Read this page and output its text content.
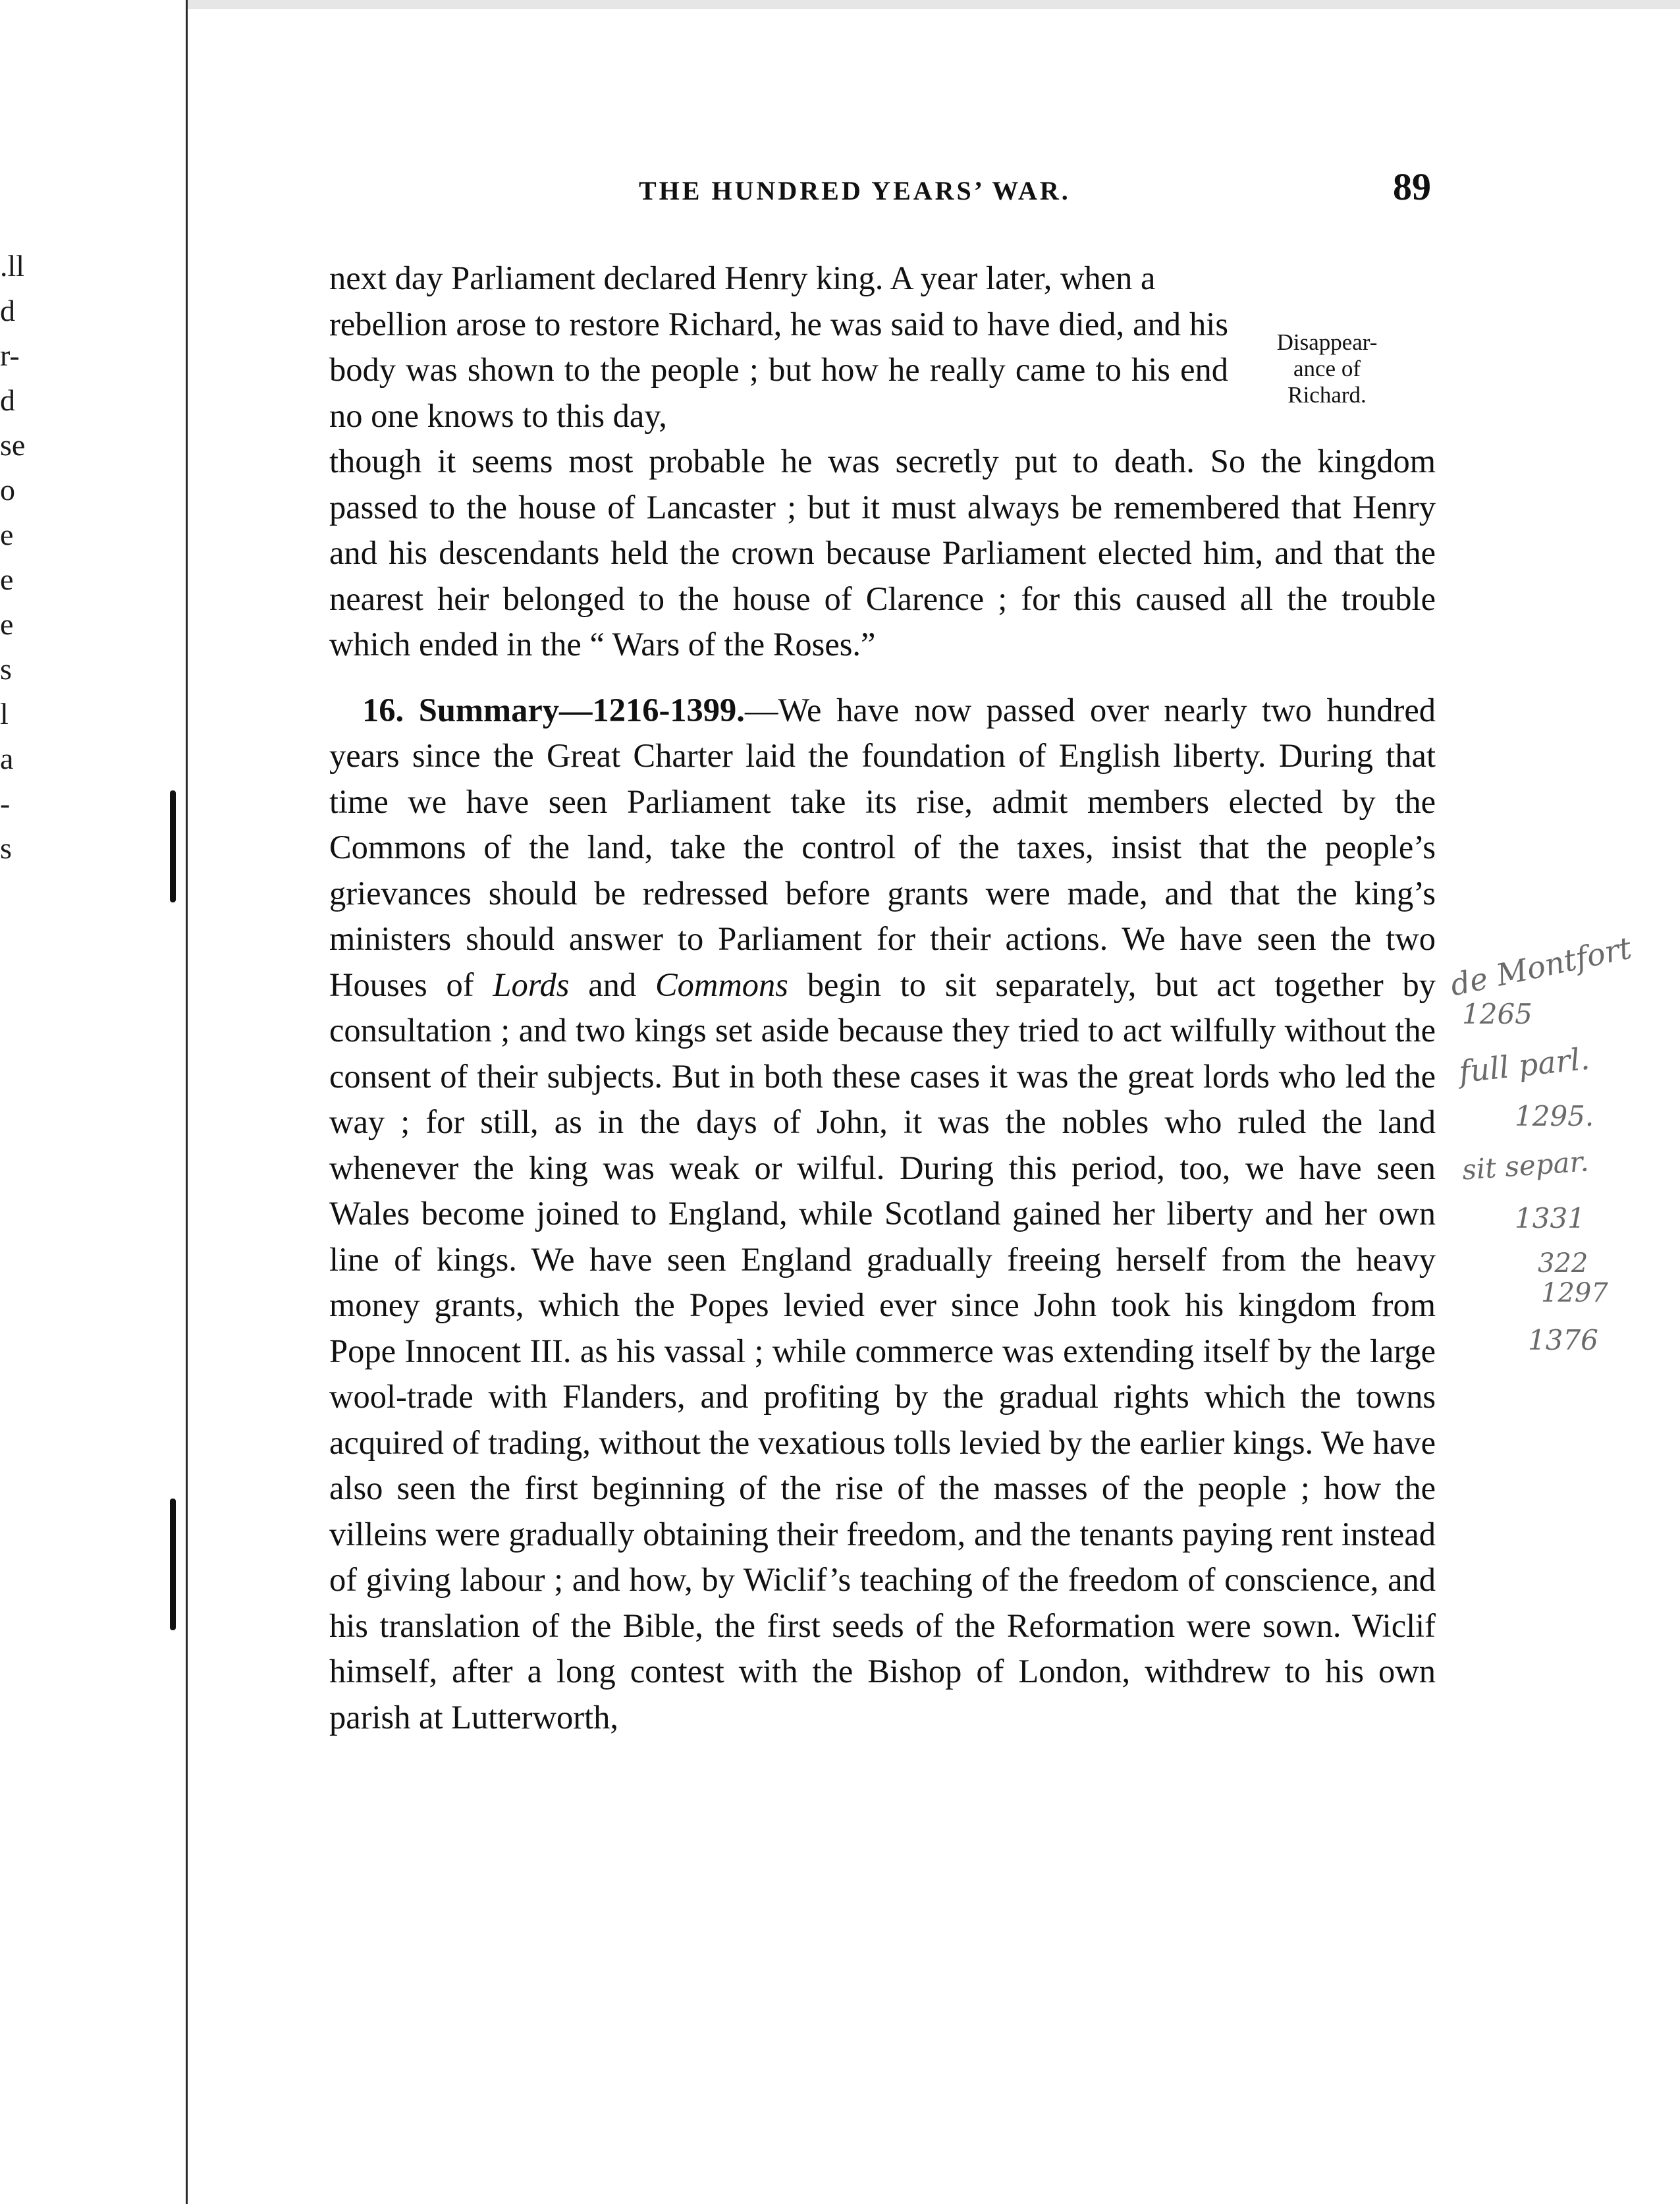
.ll
d
r-
d
se
o
e
e
e
s
l
a
-
s
THE HUNDRED YEARS’ WAR.	89

next day Parliament declared Henry king. A year later, when a

rebellion arose to restore Richard, he was said to have died, and his body was shown to the people ; but how he really came to his end no one knows to this day,

though it seems most probable he was secretly put to death. So the kingdom passed to the house of Lancaster ; but it must always be remembered that Henry and his descendants held the crown because Parliament elected him, and that the nearest heir belonged to the house of Clarence ; for this caused all the trouble which ended in the “ Wars of the Roses.”

Disappear-
ance of
Richard.

16. Summary—1216-1399.—We have now passed over nearly two hundred years since the Great Charter laid the foundation of English liberty. During that time we have seen Parliament take its rise, admit members elected by the Commons of the land, take the control of the taxes, insist that the people’s grievances should be redressed before grants were made, and that the king’s ministers should answer to Parliament for their actions. We have seen the two Houses of Lords and Commons begin to sit separately, but act together by consultation ; and two kings set aside because they tried to act wilfully without the consent of their subjects. But in both these cases it was the great lords who led the way ; for still, as in the days of John, it was the nobles who ruled the land whenever the king was weak or wilful. During this period, too, we have seen Wales become joined to England, while Scotland gained her liberty and her own line of kings. We have seen England gradually freeing herself from the heavy money grants, which the Popes levied ever since John took his kingdom from Pope Innocent III. as his vassal ; while commerce was extending itself by the large wool-trade with Flanders, and profiting by the gradual rights which the towns acquired of trading, without the vexatious tolls levied by the earlier kings. We have also seen the first beginning of the rise of the masses of the people ; how the villeins were gradually obtaining their freedom, and the tenants paying rent instead of giving labour ; and how, by Wiclif’s teaching of the freedom of conscience, and his translation of the Bible, the first seeds of the Reformation were sown. Wiclif himself, after a long contest with the Bishop of London, withdrew to his own parish at Lutterworth,

de Montfort
1265
full parl.
1295.
sit separ.
1331
322
1297
1376
